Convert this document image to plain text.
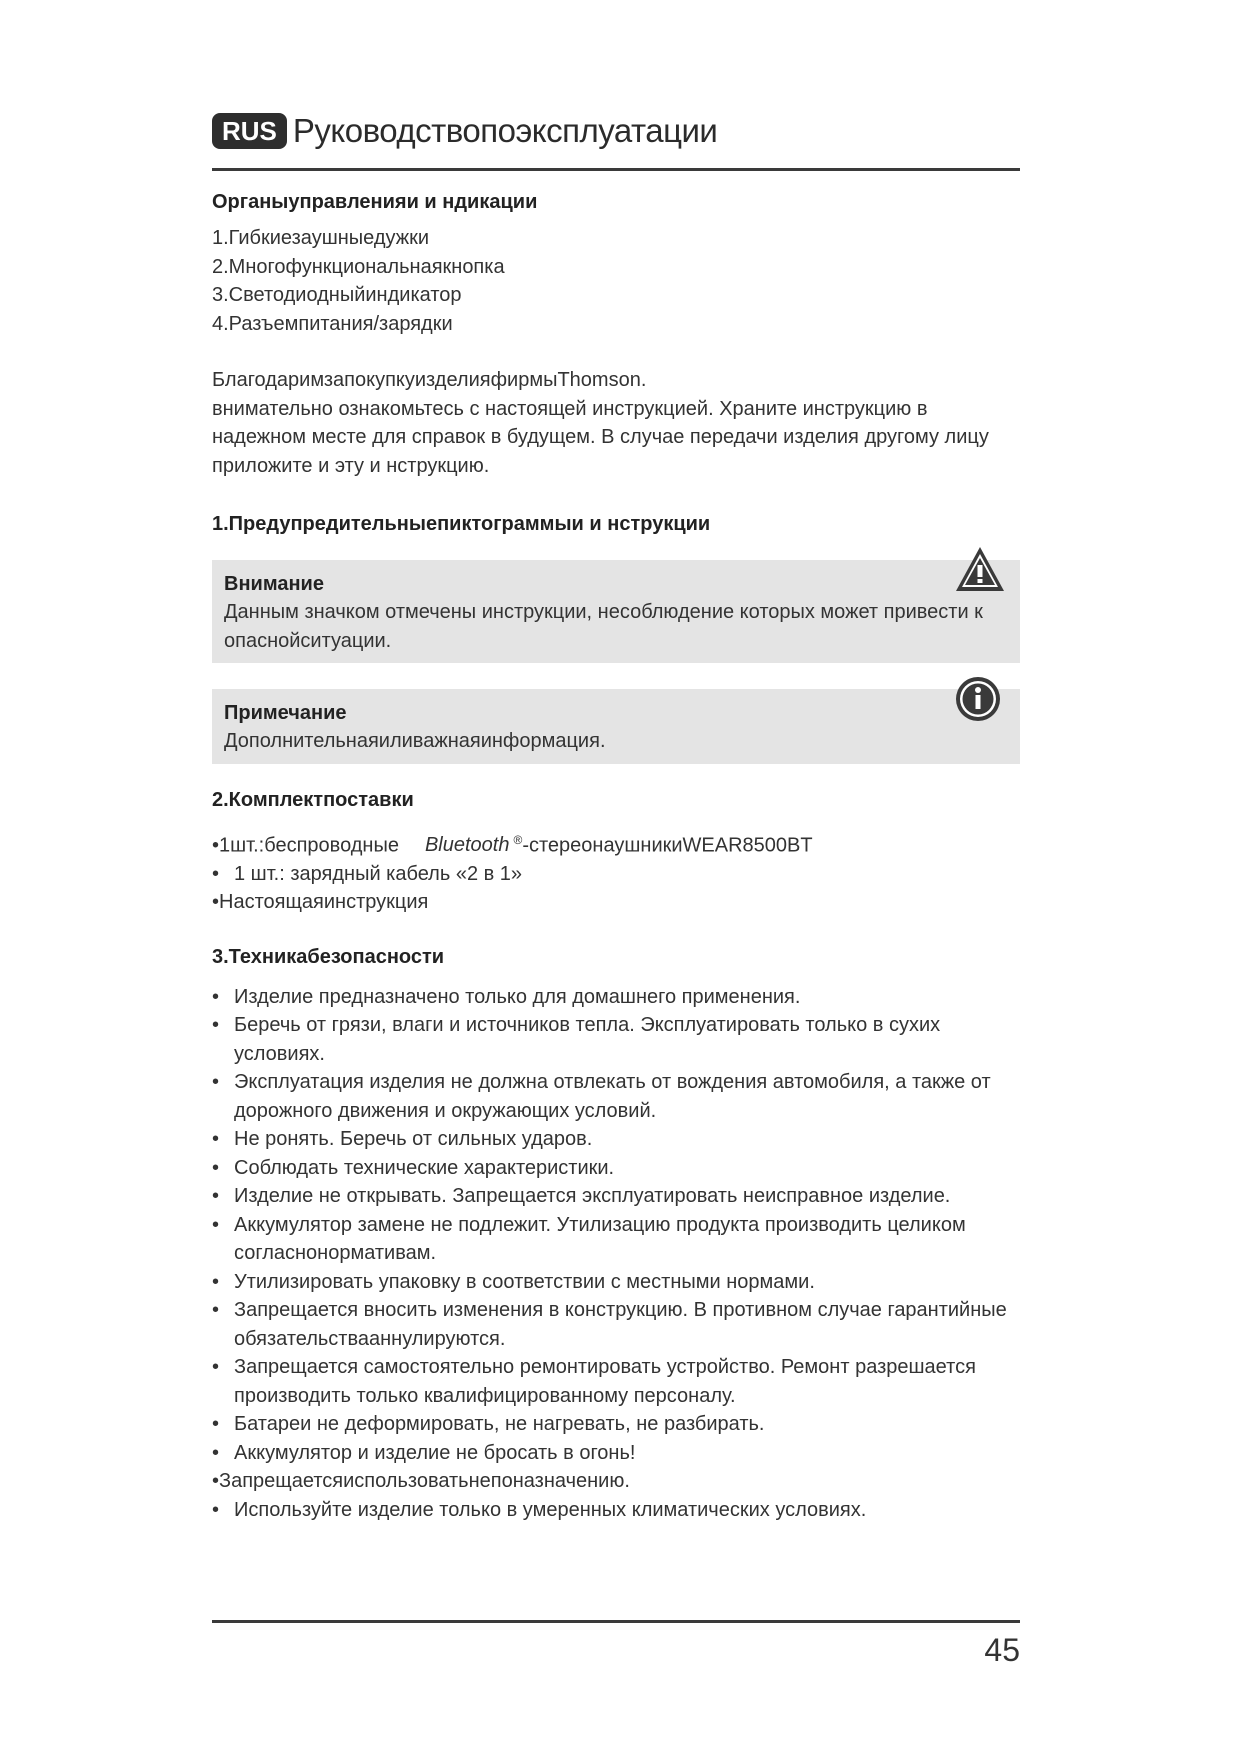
RUS Руководствопоэксплуатации
Органыуправленияи и ндикации
1.Гибкиезаушныедужки
2.Многофункциональнаякнопка
3.Светодиодныйиндикатор
4.Разъемпитания/зарядки
БлагодаримзапокупкуизделияфирмыThomson.
внимательно ознакомьтесь с настоящей инструкцией. Храните инструкцию в надежном месте для справок в будущем. В случае передачи изделия другому лицу приложите и эту и нструкцию.
1.Предупредительныепиктограммыи и нструкции
Внимание
Данным значком отмечены инструкции, несоблюдение которых может привести к опаснойситуации.
Примечание
Дополнительнаяиливажнаяинформация.
2.Комплектпоставки
•1шт.:беспроводные Bluetooth ®-стереонаушникиWEAR8500BT
• 1 шт.: зарядный кабель «2 в 1»
•Настоящаяинструкция
3.Техникабезопасности
• Изделие предназначено только для домашнего применения.
• Беречь от грязи, влаги и источников тепла. Эксплуатировать только в сухих условиях.
• Эксплуатация изделия не должна отвлекать от вождения автомобиля, а также от дорожного движения и окружающих условий.
• Не ронять. Беречь от сильных ударов.
• Соблюдать технические характеристики.
• Изделие не открывать. Запрещается эксплуатировать неисправное изделие.
• Аккумулятор замене не подлежит. Утилизацию продукта производить целиком согласнонормативам.
• Утилизировать упаковку в соответствии с местными нормами.
• Запрещается вносить изменения в конструкцию. В противном случае гарантийные обязательствааннулируются.
• Запрещается самостоятельно ремонтировать устройство. Ремонт разрешается производить только квалифицированному персоналу.
• Батареи не деформировать, не нагревать, не разбирать.
• Аккумулятор и изделие не бросать в огонь!
•Запрещаетсяиспользоватьнепоназначению.
• Используйте изделие только в умеренных климатических условиях.
45
